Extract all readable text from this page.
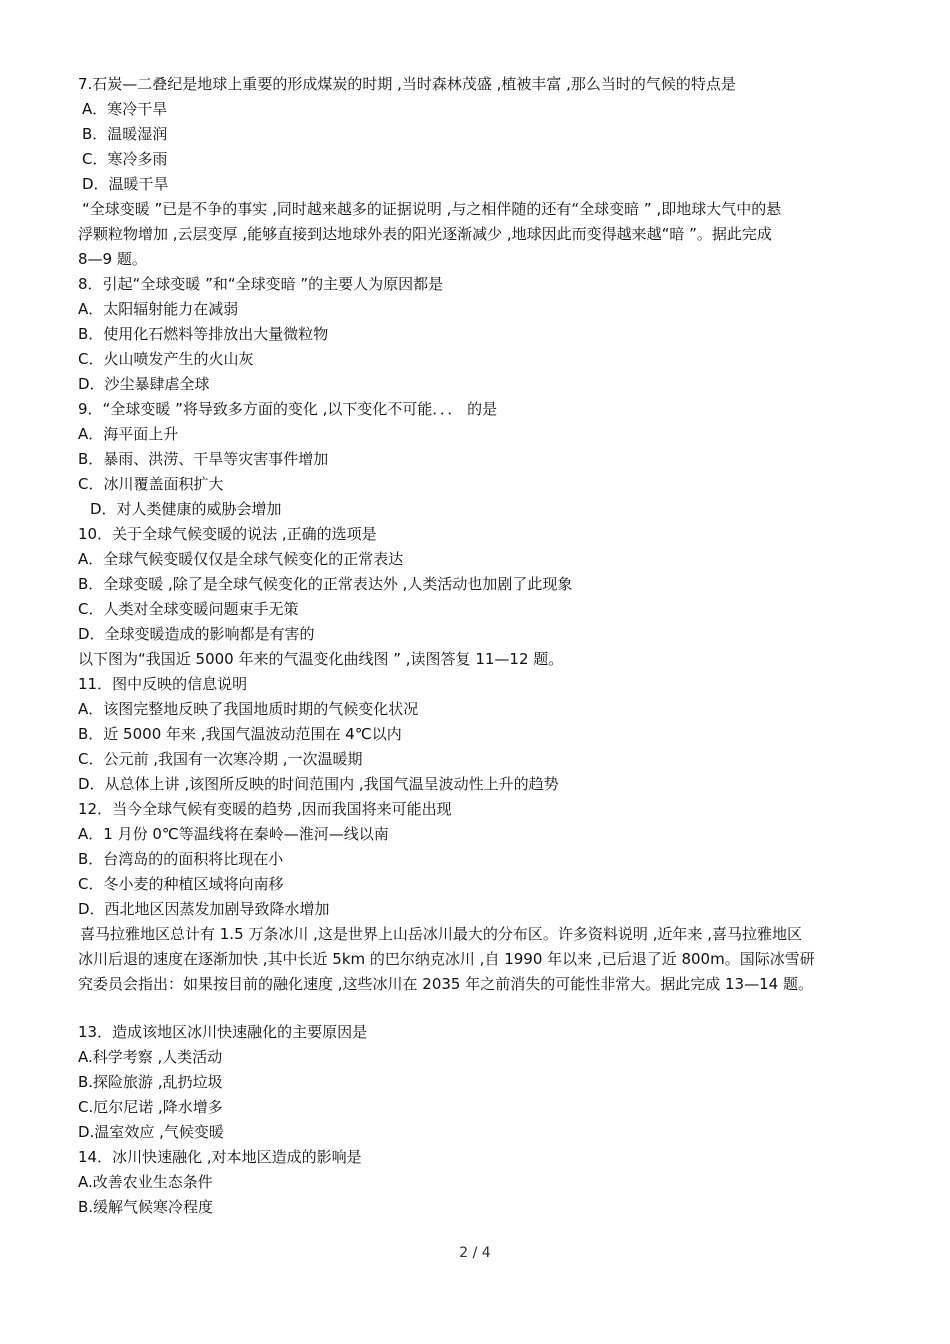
7.石炭—二叠纪是地球上重要的形成煤炭的时期 ,当时森林茂盛 ,植被丰富 ,那么当时的气候的特点是
A．寒冷干旱
B．温暖湿润
C．寒冷多雨
D．温暖干旱
“全球变暖 ”已是不争的事实 ,同时越来越多的证据说明 ,与之相伴随的还有“全球变暗 ” ,即地球大气中的悬
浮颗粒物增加 ,云层变厚 ,能够直接到达地球外表的阳光逐渐减少 ,地球因此而变得越来越“暗 ”。据此完成
8—9 题。
8．引起“全球变暖 ”和“全球变暗 ”的主要人为原因都是
A．太阳辐射能力在减弱
B．使用化石燃料等排放出大量微粒物
C．火山喷发产生的火山灰
D．沙尘暴肆虐全球
9．“全球变暖 ”将导致多方面的变化 ,以下变化不可能．．． 的是
A．海平面上升
B．暴雨、洪涝、干旱等灾害事件增加
C．冰川覆盖面积扩大
D．对人类健康的威胁会增加
10．关于全球气候变暖的说法 ,正确的选项是
A．全球气候变暖仅仅是全球气候变化的正常表达
B．全球变暖 ,除了是全球气候变化的正常表达外 ,人类活动也加剧了此现象
C．人类对全球变暖问题束手无策
D．全球变暖造成的影响都是有害的
以下图为“我国近 5000 年来的气温变化曲线图 ” ,读图答复 11—12 题。
11．图中反映的信息说明
A．该图完整地反映了我国地质时期的气候变化状况
B．近 5000 年来 ,我国气温波动范围在 4℃以内
C．公元前 ,我国有一次寒冷期 ,一次温暖期
D．从总体上讲 ,该图所反映的时间范围内 ,我国气温呈波动性上升的趋势
12．当今全球气候有变暖的趋势 ,因而我国将来可能出现
A．1 月份 0℃等温线将在秦岭—淮河—线以南
B．台湾岛的的面积将比现在小
C．冬小麦的种植区域将向南移
D．西北地区因蒸发加剧导致降水增加
喜马拉雅地区总计有 1.5 万条冰川 ,这是世界上山岳冰川最大的分布区。许多资料说明 ,近年来 ,喜马拉雅地区
冰川后退的速度在逐渐加快 ,其中长近 5km 的巴尔纳克冰川 ,自 1990 年以来 ,已后退了近 800m。国际冰雪研
究委员会指出：如果按目前的融化速度 ,这些冰川在 2035 年之前消失的可能性非常大。据此完成 13—14 题。
13．造成该地区冰川快速融化的主要原因是
A.科学考察 ,人类活动
B.探险旅游 ,乱扔垃圾
C.厄尔尼诺 ,降水增多
D.温室效应 ,气候变暖
14．冰川快速融化 ,对本地区造成的影响是
A.改善农业生态条件
B.缓解气候寒冷程度
2 / 4
